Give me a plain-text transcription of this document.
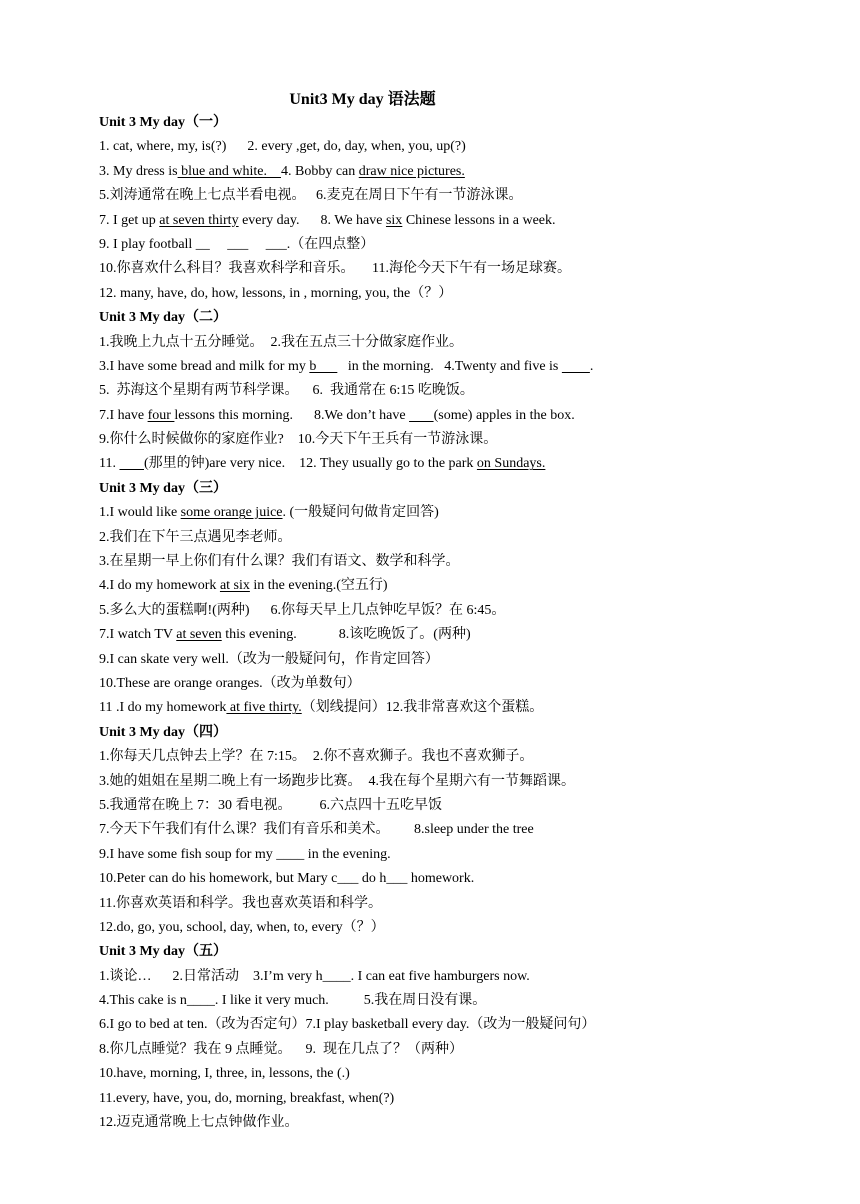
Unit3 My day 语法题
Unit 3 My day（一）
1. cat, where, my, is(?)      2. every ,get, do, day, when, you, up(?)
3. My dress is blue and white.    4. Bobby can draw nice pictures.
5.刘涛通常在晚上七点半看电视。   6.麦克在周日下午有一节游泳课。
7. I get up at seven thirty every day.      8. We have six Chinese lessons in a week.
9. I play football __     ___     ___.（在四点整）
10.你喜欢什么科目？我喜欢科学和音乐。     11.海伦今天下午有一场足球赛。
12. many, have, do, how, lessons, in , morning, you, the（？）
Unit 3 My day（二）
1.我晚上九点十五分睡觉。  2.我在五点三十分做家庭作业。
3.I have some bread and milk for my b         in the morning.   4.Twenty and five is         .
5.  苏海这个星期有两节科学课。    6.  我通常在 6:15 吃晚饭。
7.I have four lessons this morning.      8.We don’t have        (some) apples in the box.
9.你什么时候做你的家庭作业?    10.今天下午王兵有一节游泳课。
11.        (那里的钟)are very nice.    12. They usually go to the park on Sundays.
Unit 3 My day（三）
1.I would like some orange juice. (一般疑问句做肯定回答)
2.我们在下午三点遇见李老师。
3.在星期一早上你们有什么课？我们有语文、数学和科学。
4.I do my homework at six in the evening.(空五行)
5.多么大的蛋糕啊!(两种)      6.你每天早上几点钟吃早饭？在 6:45。
7.I watch TV at seven this evening.            8.该吃晚饭了。(两种)
9.I can skate very well.（改为一般疑问句，作肯定回答）
10.These are orange oranges.（改为单数句）
11 .I do my homework at five thirty.（划线提问）12.我非常喜欢这个蛋糕。
Unit 3 My day（四）
1.你每天几点钟去上学？在 7:15。  2.你不喜欢狮子。我也不喜欢狮子。
3.她的姐姐在星期二晚上有一场跑步比赛。  4.我在每个星期六有一节舞蹈课。
5.我通常在晚上 7：30 看电视。        6.六点四十五吃早饭
7.今天下午我们有什么课？我们有音乐和美术。       8.sleep under the tree
9.I have some fish soup for my ____ in the evening.
10.Peter can do his homework, but Mary c___ do h___ homework.
11.你喜欢英语和科学。我也喜欢英语和科学。
12.do, go, you, school, day, when, to, every（？）
Unit 3 My day（五）
1.谈论…      2.日常活动    3.I’m very h____. I can eat five hamburgers now.
4.This cake is n____. I like it very much.          5.我在周日没有课。
6.I go to bed at ten.（改为否定句）7.I play basketball every day.（改为一般疑问句）
8.你几点睡觉？我在 9 点睡觉。    9.  现在几点了？（两种）
10.have, morning, I, three, in, lessons, the (.)
11.every, have, you, do, morning, breakfast, when(?)
12.迈克通常晚上七点钟做作业。
